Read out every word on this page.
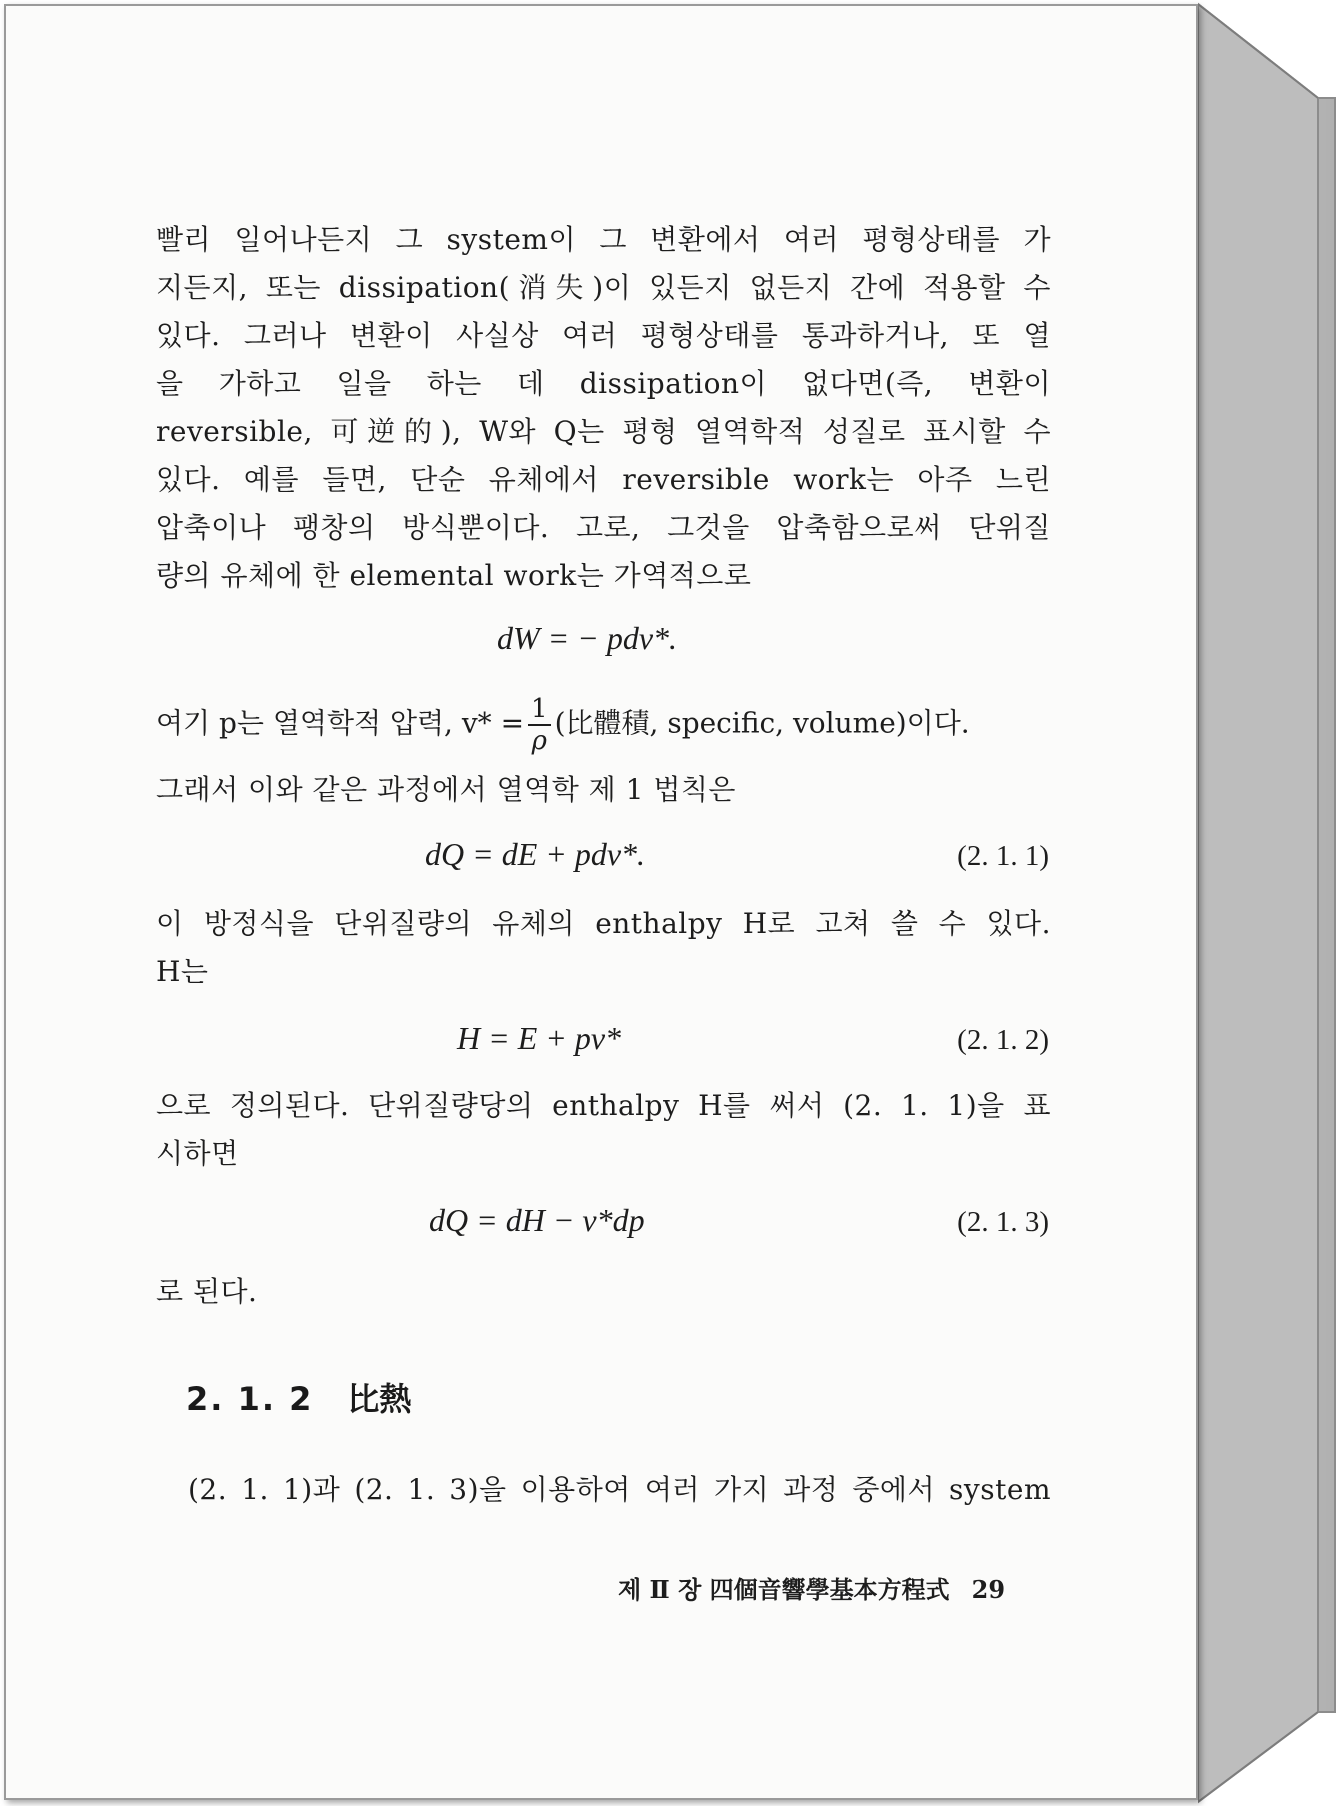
빨리 일어나든지 그 system이 그 변환에서 여러 평형상태를 가
지든지, 또는 dissipation(消失)이 있든지 없든지 간에 적용할 수
있다. 그러나 변환이 사실상 여러 평형상태를 통과하거나, 또 열
을 가하고 일을 하는 데 dissipation이 없다면(즉, 변환이
reversible, 可逆的), W와 Q는 평형 열역학적 성질로 표시할 수
있다. 예를 들면, 단순 유체에서 reversible work는 아주 느린
압축이나 팽창의 방식뿐이다. 고로, 그것을 압축함으로써 단위질
량의 유체에 한 elemental work는 가역적으로
dW = − pdv*.
여기 p는 열역학적 압력, $v* = \frac{1}{\rho}$ (比體積, specific, volume)이다.
그래서 이와 같은 과정에서 열역학 제 1 법칙은
dQ = dE + pdv*.	(2. 1. 1)
이 방정식을 단위질량의 유체의 enthalpy H로 고쳐 쓸 수 있다.
H는
H = E + pv*	(2. 1. 2)
으로 정의된다. 단위질량당의 enthalpy H를 써서 (2. 1. 1)을 표
시하면
dQ = dH − v*dp	(2. 1. 3)
로 된다.
2. 1. 2 比熱
(2. 1. 1)과 (2. 1. 3)을 이용하여 여러 가지 과정 중에서 system
제 Ⅱ 장 四個音響學基本方程式 29
